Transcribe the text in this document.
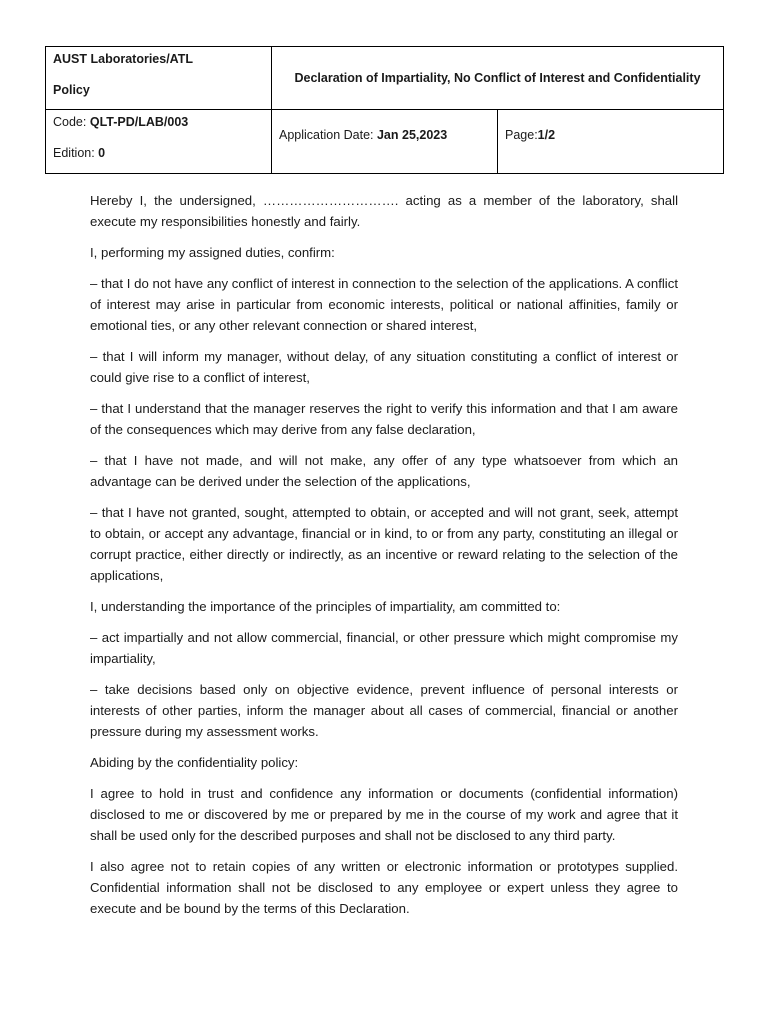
AUST Laboratories/ATL
Policy
Declaration of Impartiality, No Conflict of Interest and Confidentiality
Code: QLT-PD/LAB/003
Edition: 0
Application Date: Jan 25,2023	Page:1/2

Hereby I, the undersigned, …………………………. acting as a member of the laboratory, shall execute my responsibilities honestly and fairly.

I, performing my assigned duties, confirm:

– that I do not have any conflict of interest in connection to the selection of the applications. A conflict of interest may arise in particular from economic interests, political or national affinities, family or emotional ties, or any other relevant connection or shared interest,

– that I will inform my manager, without delay, of any situation constituting a conflict of interest or could give rise to a conflict of interest,

– that I understand that the manager reserves the right to verify this information and that I am aware of the consequences which may derive from any false declaration,

– that I have not made, and will not make, any offer of any type whatsoever from which an advantage can be derived under the selection of the applications,

– that I have not granted, sought, attempted to obtain, or accepted and will not grant, seek, attempt to obtain, or accept any advantage, financial or in kind, to or from any party, constituting an illegal or corrupt practice, either directly or indirectly, as an incentive or reward relating to the selection of the applications,

I, understanding the importance of the principles of impartiality, am committed to:

– act impartially and not allow commercial, financial, or other pressure which might compromise my impartiality,

– take decisions based only on objective evidence, prevent influence of personal interests or interests of other parties, inform the manager about all cases of commercial, financial or another pressure during my assessment works.

Abiding by the confidentiality policy:

I agree to hold in trust and confidence any information or documents (confidential information) disclosed to me or discovered by me or prepared by me in the course of my work and agree that it shall be used only for the described purposes and shall not be disclosed to any third party.

I also agree not to retain copies of any written or electronic information or prototypes supplied. Confidential information shall not be disclosed to any employee or expert unless they agree to execute and be bound by the terms of this Declaration.
